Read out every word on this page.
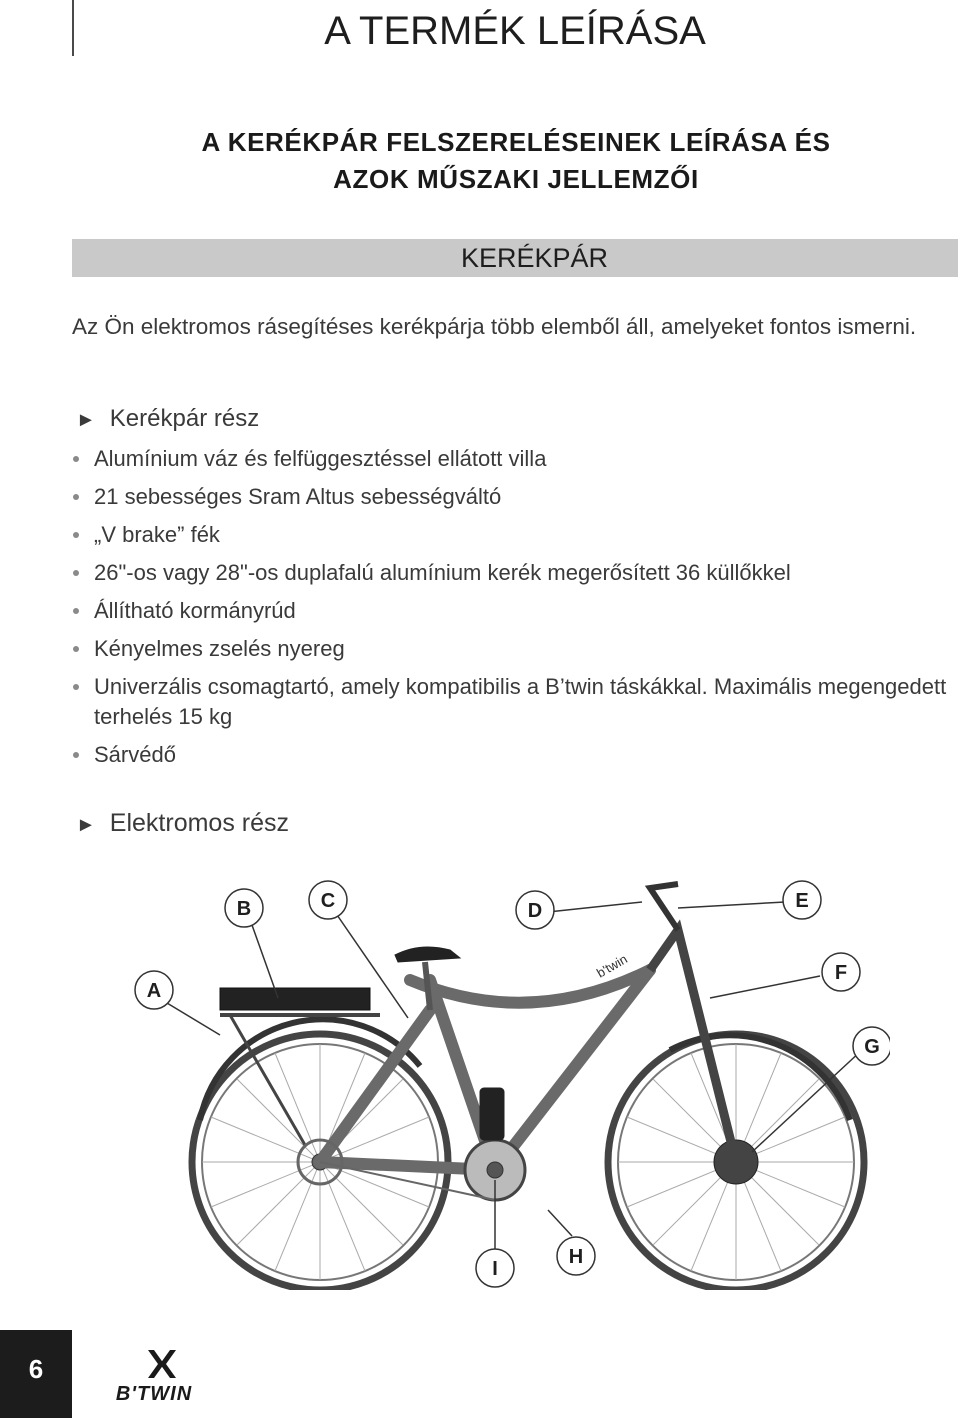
A TERMÉK LEÍRÁSA
A KERÉKPÁR FELSZERELÉSEINEK LEÍRÁSA ÉS
AZOK MŰSZAKI JELLEMZŐI
KERÉKPÁR

Az Ön elektromos rásegítéses kerékpárja több elemből áll, amelyeket fontos ismerni.

► Kerékpár rész
Alumínium váz és felfüggesztéssel ellátott villa
21 sebességes Sram Altus sebességváltó
„V brake” fék
26"-os vagy 28"-os duplafalú alumínium kerék megerősített 36 küllőkkel
Állítható kormányrúd
Kényelmes zselés nyereg
Univerzális csomagtartó, amely kompatibilis a B’twin táskákkal. Maximális megengedett terhelés 15 kg
Sárvédő
► Elektromos rész
b'twin
A
B	C	D	E
F
G
H
I
6
B'TWIN
